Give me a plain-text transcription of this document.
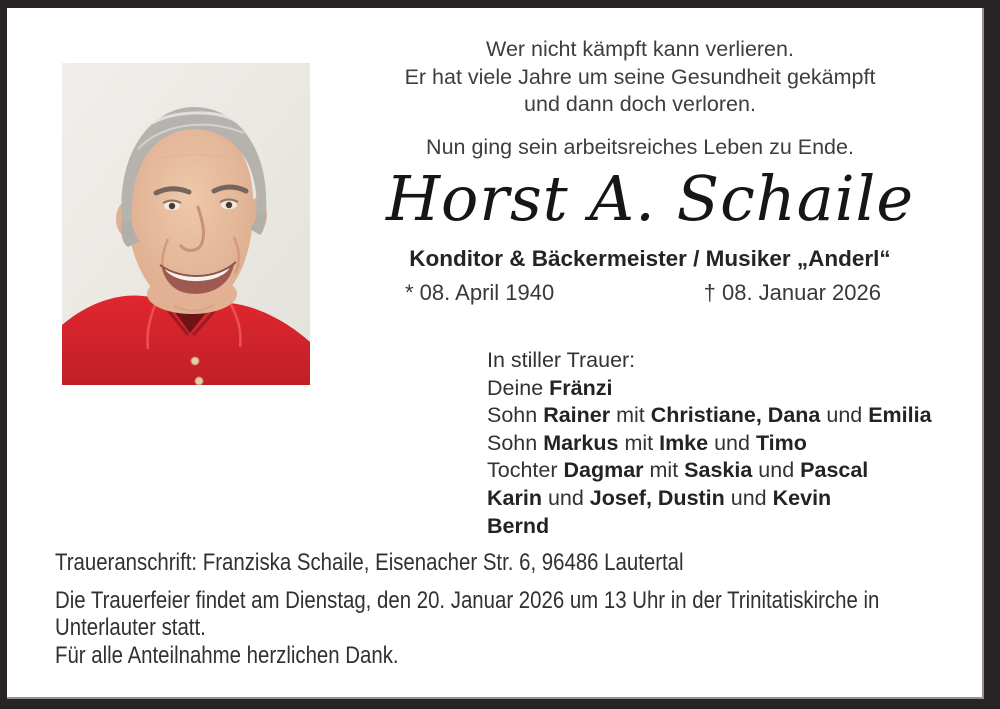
Wer nicht kämpft kann verlieren.
Er hat viele Jahre um seine Gesundheit gekämpft
und dann doch verloren.
Nun ging sein arbeitsreiches Leben zu Ende.
Horst A. Schaile
Konditor & Bäckermeister / Musiker „Anderl“
* 08. April 1940	† 08. Januar 2026
In stiller Trauer:
Deine Fränzi
Sohn Rainer mit Christiane, Dana und Emilia
Sohn Markus mit Imke und Timo
Tochter Dagmar mit Saskia und Pascal
Karin und Josef, Dustin und Kevin
Bernd
Traueranschrift: Franziska Schaile, Eisenacher Str. 6, 96486 Lautertal
Die Trauerfeier findet am Dienstag, den 20. Januar 2026 um 13 Uhr in der Trinitatiskirche in
Unterlauter statt.
Für alle Anteilnahme herzlichen Dank.
